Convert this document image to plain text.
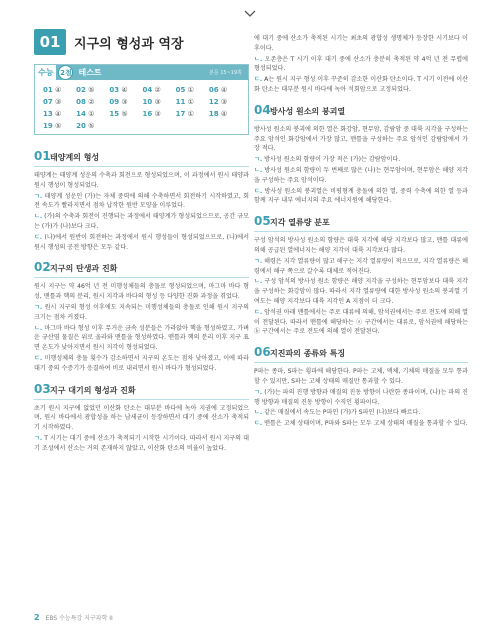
01	지구의 형성과 역장
수능 2점 테스트	본문 15~19쪽
01 ④	02 ⑤	03 ④	04 ②	05 ①	06 ④
07 ③	08 ②	09 ③	10 ③	11 ①	12 ③
13 ④	14 ①	15 ⑤	16 ③	17 ①	18 ④
19 ⑤	20 ⑤
01 태양계의 형성

태양계는 태양계 성운의 수축과 회전으로 형성되었으며, 이 과정에서 원시 태양과 원시 행성이 형성되었다.

ㄱ. 태양계 성운인 (가)는 자체 중력에 의해 수축하면서 회전하기 시작하였고, 회전 속도가 빨라지면서 점차 납작한 원반 모양을 이루었다.

ㄴ. (가)의 수축과 회전이 진행되는 과정에서 태양계가 형성되었으므로, 공간 규모는 (가)가 (나)보다 크다.

ㄷ. (나)에서 원반이 회전하는 과정에서 원시 행성들이 형성되었으므로, (나)에서 원시 행성의 공전 방향은 모두 같다.

02 지구의 탄생과 진화

원시 지구는 약 46억 년 전 미행성체들의 충돌로 형성되었으며, 마그마 바다 형성, 맨틀과 핵의 분리, 원시 지각과 바다의 형성 등 다양한 진화 과정을 겪었다.

ㄱ. 원시 지구의 형성 이후에도 지속되는 미행성체들의 충돌로 인해 원시 지구의 크기는 점차 커졌다.

ㄴ. 마그마 바다 형성 이후 무거운 금속 성분들은 가라앉아 핵을 형성하였고, 가벼운 규산염 물질은 위로 올라와 맨틀을 형성하였다. 맨틀과 핵의 분리 이후 지구 표면 온도가 낮아지면서 원시 지각이 형성되었다.

ㄷ. 미행성체의 충돌 횟수가 감소하면서 지구의 온도는 점차 낮아졌고, 이에 따라 대기 중의 수증기가 응결하여 비로 내리면서 원시 바다가 형성되었다.

03 지구 대기의 형성과 진화

초기 원시 지구에 없었던 이산화 탄소는 대부분 바다에 녹아 지권에 고정되었으며, 원시 바다에서 광합성을 하는 남세균이 등장하면서 대기 중에 산소가 축적되기 시작하였다.

ㄱ. T 시기는 대기 중에 산소가 축적되기 시작한 시기이다. 따라서 원시 지구의 대기 조성에서 산소는 거의 존재하지 않았고, 이산화 탄소의 비율이 높았다.

에 대기 중에 산소가 축적된 시기는 최초의 광합성 생명체가 등장한 시기보다 이후이다.

ㄴ. 오존층은 T 시기 이후 대기 중에 산소가 충분히 축적된 약 4억 년 전 무렵에 형성되었다.

ㄷ. A는 원시 지구 형성 이후 꾸준히 감소한 이산화 탄소이다. T 시기 이전에 이산화 탄소는 대부분 원시 바다에 녹아 석회암으로 고정되었다.

04 방사성 원소의 붕괴열

방사성 원소의 붕괴에 의한 열은 화강암, 현무암, 감람암 중 대륙 지각을 구성하는 주요 암석인 화강암에서 가장 많고, 맨틀을 구성하는 주요 암석인 감람암에서 가장 적다.

ㄱ. 방사성 원소의 함량이 가장 적은 (가)는 감람암이다.

ㄴ. 방사성 원소의 함량이 두 번째로 많은 (나)는 현무암이며, 현무암은 해양 지각을 구성하는 주요 암석이다.

ㄷ. 방사성 원소의 붕괴열은 비평형계 충돌에 의한 열, 중력 수축에 의한 열 등과 함께 지구 내부 에너지의 주요 에너지원에 해당한다.

05 지각 열류량 분포

구성 암석의 방사성 원소의 함량은 대륙 지각에 해당 지각보다 많고, 맨틀 대류에 의해 공급된 열에너지는 해양 지각이 대륙 지각보다 많다.

ㄱ. 해령은 지각 열류량이 많고 해구는 지각 열류량이 적으므로, 지각 열류량은 해령에서 해구 쪽으로 갈수록 대체로 적어진다.

ㄴ. 구성 암석의 방사성 원소 함량은 해양 지각을 구성하는 현무암보다 대륙 지각을 구성하는 화강암이 많다. 따라서 지각 열류량에 대한 방사성 원소의 붕괴열 기여도는 해양 지각보다 대륙 지각인 A 지점이 더 크다.

ㄷ. 암석권 아래 맨틀에서는 주로 대류에 의해, 암석권에서는 주로 전도에 의해 열이 전달된다. 따라서 맨틀에 해당하는 ⓐ 구간에서는 대류로, 암석권에 해당하는 ⓑ 구간에서는 주로 전도에 의해 열이 전달된다.

06 지진파의 종류와 특징

P파는 종파, S파는 횡파에 해당한다. P파는 고체, 액체, 기체의 매질을 모두 통과할 수 있지만, S파는 고체 상태의 매질만 통과할 수 있다.

ㄱ. (가)는 파의 진행 방향과 매질의 진동 방향이 나란한 종파이며, (나)는 파의 진행 방향과 매질의 진동 방향이 수직인 횡파이다.

ㄴ. 같은 매질에서 속도는 P파인 (가)가 S파인 (나)보다 빠르다.

ㄷ. 맨틀은 고체 상태이며, P파와 S파는 모두 고체 상태의 매질을 통과할 수 있다.

2 EBS 수능특강 지구과학 II
